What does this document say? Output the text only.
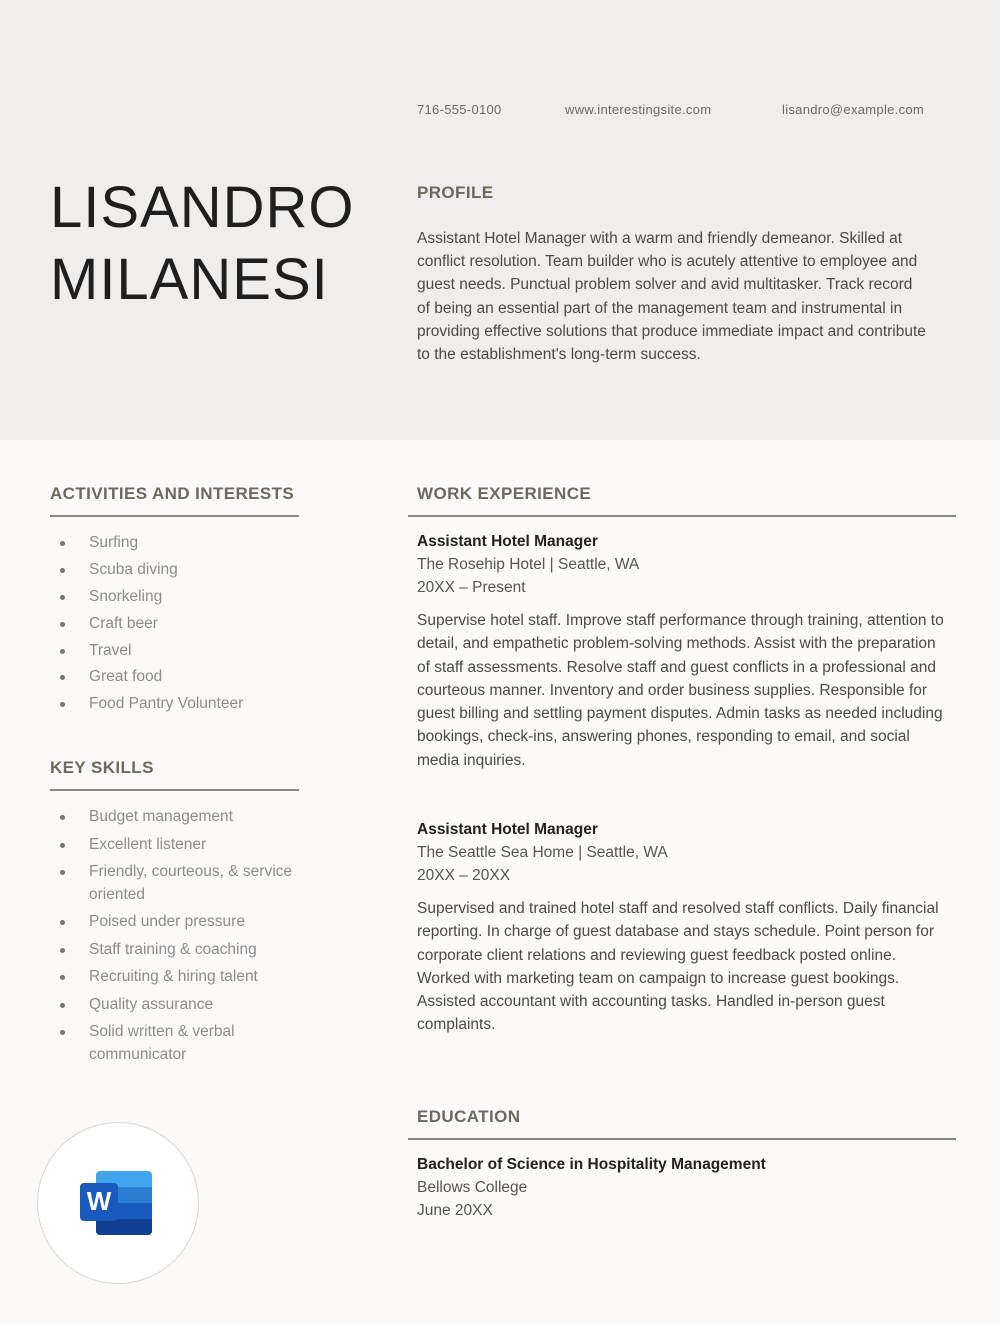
716-555-0100	www.interestingsite.com	lisandro@example.com
LISANDRO
MILANESI
PROFILE
Assistant Hotel Manager with a warm and friendly demeanor. Skilled at conflict resolution. Team builder who is acutely attentive to employee and guest needs. Punctual problem solver and avid multitasker. Track record of being an essential part of the management team and instrumental in providing effective solutions that produce immediate impact and contribute to the establishment's long-term success.
ACTIVITIES AND INTERESTS
Surfing
Scuba diving
Snorkeling
Craft beer
Travel
Great food
Food Pantry Volunteer
KEY SKILLS
Budget management
Excellent listener
Friendly, courteous, & service oriented
Poised under pressure
Staff training & coaching
Recruiting & hiring talent
Quality assurance
Solid written & verbal communicator
WORK EXPERIENCE
Assistant Hotel Manager
The Rosehip Hotel | Seattle, WA
20XX – Present
Supervise hotel staff. Improve staff performance through training, attention to detail, and empathetic problem-solving methods. Assist with the preparation of staff assessments. Resolve staff and guest conflicts in a professional and courteous manner. Inventory and order business supplies. Responsible for guest billing and settling payment disputes. Admin tasks as needed including bookings, check-ins, answering phones, responding to email, and social media inquiries.
Assistant Hotel Manager
The Seattle Sea Home | Seattle, WA
20XX – 20XX
Supervised and trained hotel staff and resolved staff conflicts. Daily financial reporting. In charge of guest database and stays schedule. Point person for corporate client relations and reviewing guest feedback posted online. Worked with marketing team on campaign to increase guest bookings. Assisted accountant with accounting tasks. Handled in-person guest complaints.
EDUCATION
Bachelor of Science in Hospitality Management
Bellows College
June 20XX
W
